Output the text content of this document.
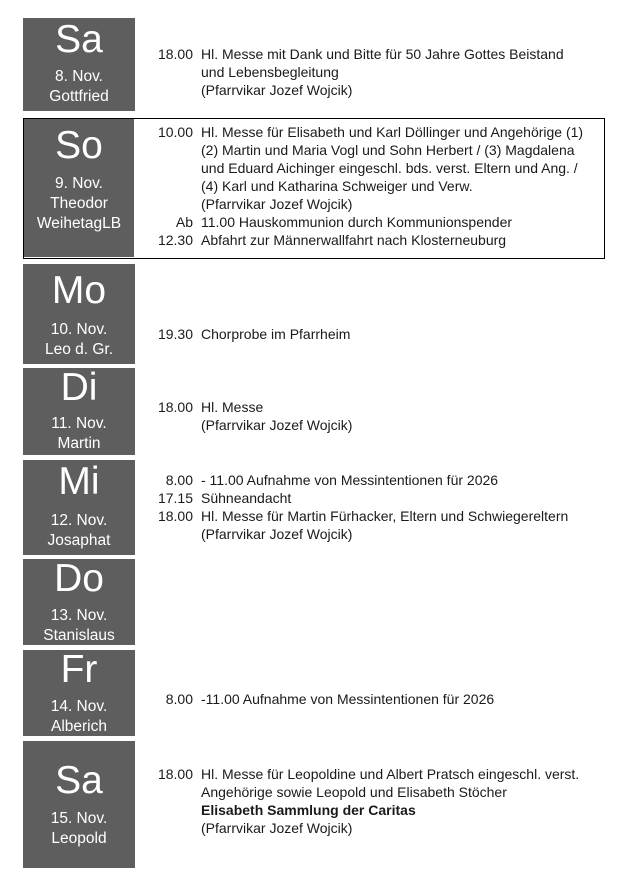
Sa
8. Nov.
Gottfried
18.00 Hl. Messe mit Dank und Bitte für 50 Jahre Gottes Beistand
und Lebensbegleitung
(Pfarrvikar Jozef Wojcik)
So
9. Nov.
Theodor
WeihetagLB
10.00 Hl. Messe für Elisabeth und Karl Döllinger und Angehörige (1)
(2) Martin und Maria Vogl und Sohn Herbert / (3) Magdalena
und Eduard Aichinger eingeschl. bds. verst. Eltern und Ang. /
(4) Karl und Katharina Schweiger und Verw.
(Pfarrvikar Jozef Wojcik)
Ab 11.00 Hauskommunion durch Kommunionspender
12.30 Abfahrt zur Männerwallfahrt nach Klosterneuburg
Mo
10. Nov.
Leo d. Gr.
19.30 Chorprobe im Pfarrheim
Di
11. Nov.
Martin
18.00 Hl. Messe
(Pfarrvikar Jozef Wojcik)
Mi
12. Nov.
Josaphat
8.00 - 11.00 Aufnahme von Messintentionen für 2026
17.15 Sühneandacht
18.00 Hl. Messe für Martin Fürhacker, Eltern und Schwiegereltern
(Pfarrvikar Jozef Wojcik)
Do
13. Nov.
Stanislaus
Fr
14. Nov.
Alberich
8.00 -11.00 Aufnahme von Messintentionen für 2026
Sa
15. Nov.
Leopold
18.00 Hl. Messe für Leopoldine und Albert Pratsch eingeschl. verst.
Angehörige sowie Leopold und Elisabeth Stöcher
Elisabeth Sammlung der Caritas
(Pfarrvikar Jozef Wojcik)
